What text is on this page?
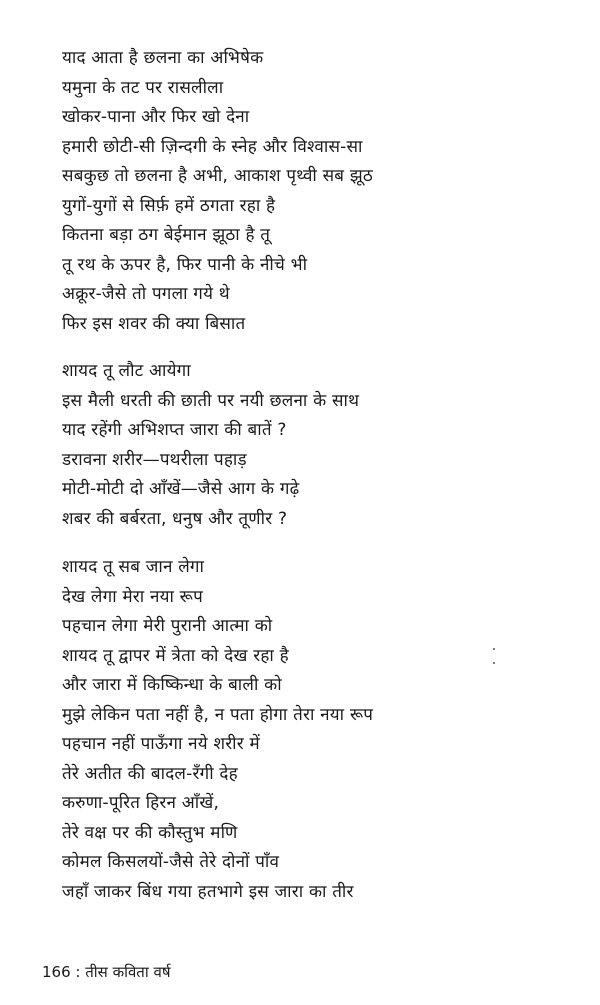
याद आता है छलना का अभिषेक
यमुना के तट पर रासलीला
खोकर-पाना और फिर खो देना
हमारी छोटी-सी ज़िन्दगी के स्नेह और विश्वास-सा
सबकुछ तो छलना है अभी, आकाश पृथ्वी सब झूठ
युगों-युगों से सिर्फ़ हमें ठगता रहा है
कितना बड़ा ठग बेईमान झूठा है तू
तू रथ के ऊपर है, फिर पानी के नीचे भी
अक्रूर-जैसे तो पगला गये थे
फिर इस शवर की क्या बिसात
शायद तू लौट आयेगा
इस मैली धरती की छाती पर नयी छलना के साथ
याद रहेंगी अभिशप्त जारा की बातें ?
डरावना शरीर—पथरीला पहाड़
मोटी-मोटी दो आँखें—जैसे आग के गढ़े
शबर की बर्बरता, धनुष और तूणीर ?
शायद तू सब जान लेगा
देख लेगा मेरा नया रूप
पहचान लेगा मेरी पुरानी आत्मा को
शायद तू द्वापर में त्रेता को देख रहा है
और जारा में किष्किन्धा के बाली को
मुझे लेकिन पता नहीं है, न पता होगा तेरा नया रूप
पहचान नहीं पाऊँगा नये शरीर में
तेरे अतीत की बादल-रँगी देह
करुणा-पूरित हिरन आँखें,
तेरे वक्ष पर की कौस्तुभ मणि
कोमल किसलयों-जैसे तेरे दोनों पाँव
जहाँ जाकर बिंध गया हतभागे इस जारा का तीर
166 : तीस कविता वर्ष
